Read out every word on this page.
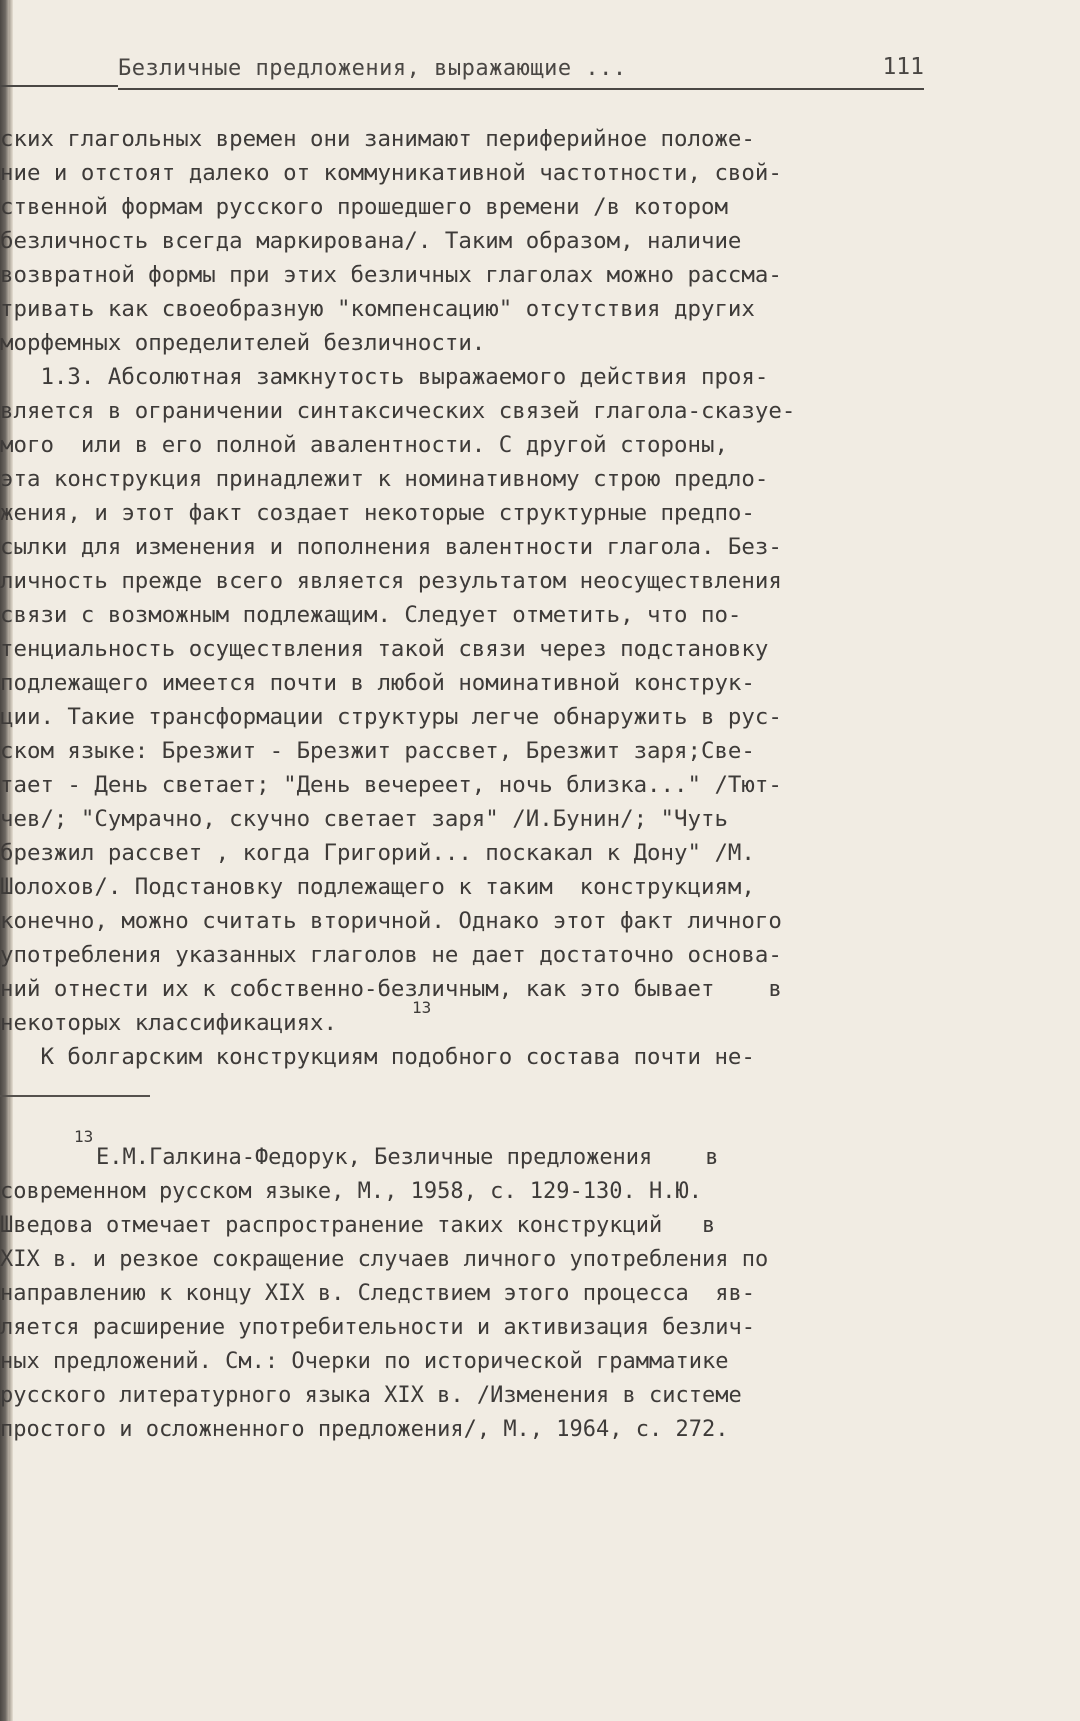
Безличные предложения, выражающие ...	111
ских глагольных времен они занимают периферийное положе-
ние и отстоят далеко от коммуникативной частотности, свой-
ственной формам русского прошедшего времени /в котором
безличность всегда маркирована/. Таким образом, наличие
возвратной формы при этих безличных глаголах можно рассма-
тривать как своеобразную "компенсацию" отсутствия других
морфемных определителей безличности.
1.3. Абсолютная замкнутость выражаемого действия проя-
вляется в ограничении синтаксических связей глагола-сказуе-
мого  или в его полной авалентности. С другой стороны,
эта конструкция принадлежит к номинативному строю предло-
жения, и этот факт создает некоторые структурные предпо-
сылки для изменения и пополнения валентности глагола. Без-
личность прежде всего является результатом неосуществления
связи с возможным подлежащим. Следует отметить, что по-
тенциальность осуществления такой связи через подстановку
подлежащего имеется почти в любой номинативной конструк-
ции. Такие трансформации структуры легче обнаружить в рус-
ском языке: Брезжит - Брезжит рассвет, Брезжит заря;Све-
тает - День светает; "День вечереет, ночь близка..." /Тют-
чев/; "Сумрачно, скучно светает заря" /И.Бунин/; "Чуть
брезжил рассвет , когда Григорий... поскакал к Дону" /М.
Шолохов/. Подстановку подлежащего к таким  конструкциям,
конечно, можно считать вторичной. Однако этот факт личного
употребления указанных глаголов не дает достаточно основа-
ний отнести их к собственно-безличным, как это бывает    в
некоторых классификациях.
К болгарским конструкциям подобного состава почти не-
13
13
Е.М.Галкина-Федорук, Безличные предложения    в
современном русском языке, М., 1958, с. 129-130. Н.Ю.
Шведова отмечает распространение таких конструкций   в
XIX в. и резкое сокращение случаев личного употребления по
направлению к концу XIX в. Следствием этого процесса  яв-
ляется расширение употребительности и активизация безлич-
ных предложений. См.: Очерки по исторической грамматике
русского литературного языка XIX в. /Изменения в системе
простого и осложненного предложения/, М., 1964, с. 272.
